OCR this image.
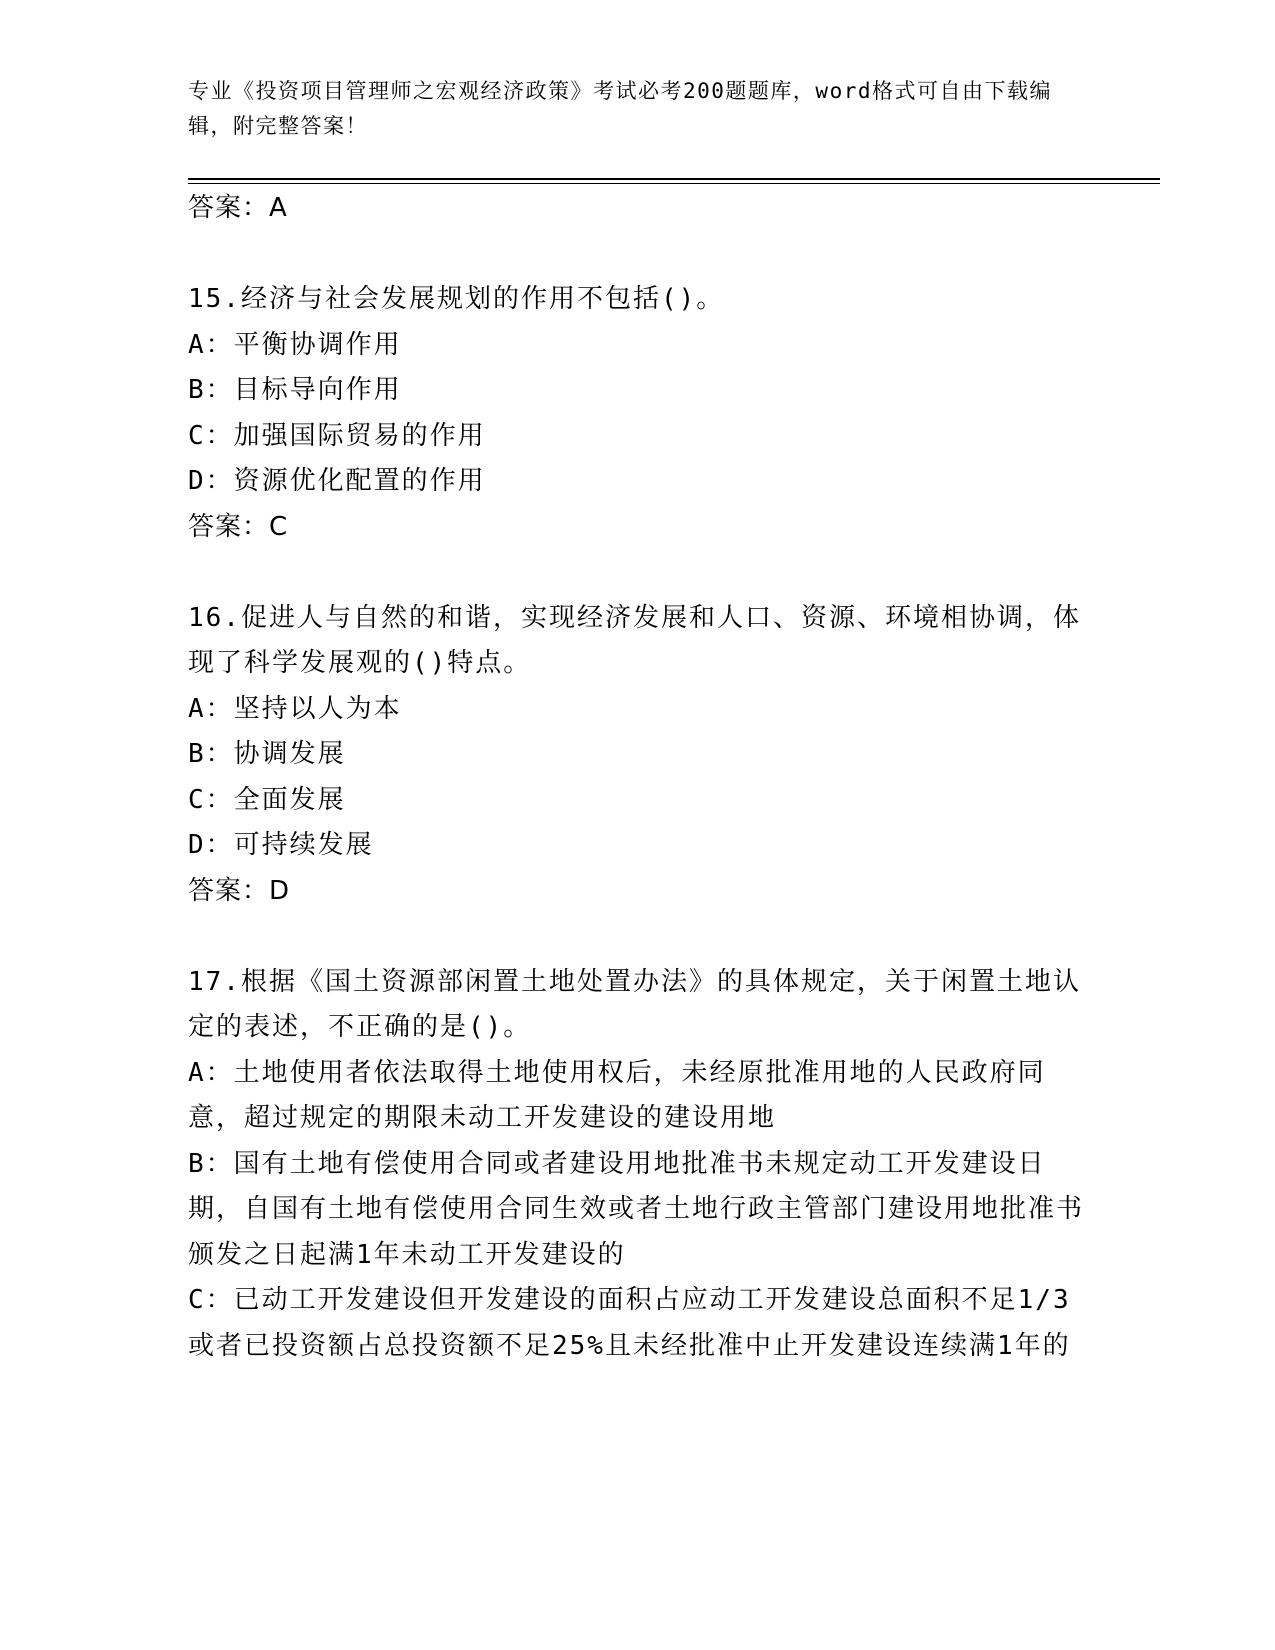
专业《投资项目管理师之宏观经济政策》考试必考200题题库，word格式可自由下载编辑，附完整答案！
答案：A
15.经济与社会发展规划的作用不包括()。
A：平衡协调作用
B：目标导向作用
C：加强国际贸易的作用
D：资源优化配置的作用
答案：C
16.促进人与自然的和谐，实现经济发展和人口、资源、环境相协调，体现了科学发展观的()特点。
A：坚持以人为本
B：协调发展
C：全面发展
D：可持续发展
答案：D
17.根据《国土资源部闲置土地处置办法》的具体规定，关于闲置土地认定的表述，不正确的是()。
A：土地使用者依法取得土地使用权后，未经原批准用地的人民政府同意，超过规定的期限未动工开发建设的建设用地
B：国有土地有偿使用合同或者建设用地批准书未规定动工开发建设日期，自国有土地有偿使用合同生效或者土地行政主管部门建设用地批准书颁发之日起满1年未动工开发建设的
C：已动工开发建设但开发建设的面积占应动工开发建设总面积不足1/3或者已投资额占总投资额不足25%且未经批准中止开发建设连续满1年的
